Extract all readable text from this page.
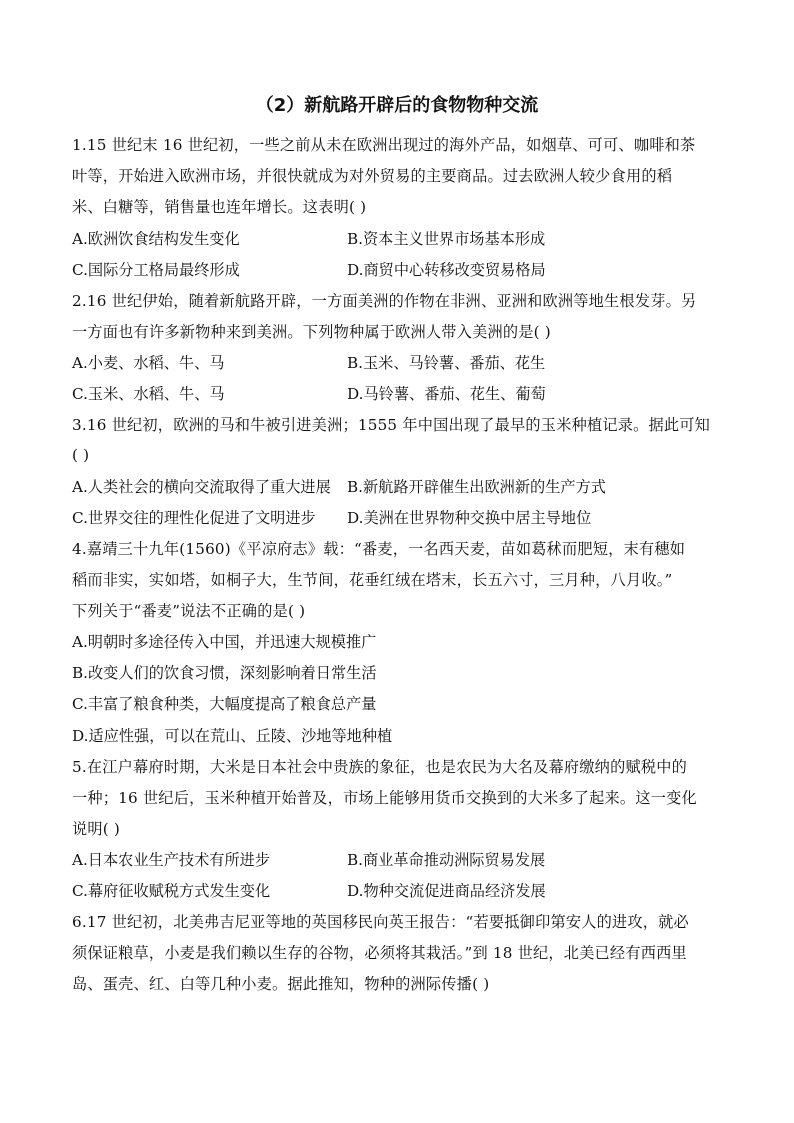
（2）新航路开辟后的食物物种交流
1.15 世纪末 16 世纪初，一些之前从未在欧洲出现过的海外产品，如烟草、可可、咖啡和茶
叶等，开始进入欧洲市场，并很快就成为对外贸易的主要商品。过去欧洲人较少食用的稻
米、白糖等，销售量也连年增长。这表明( )
A.欧洲饮食结构发生变化	B.资本主义世界市场基本形成
C.国际分工格局最终形成	D.商贸中心转移改变贸易格局
2.16 世纪伊始，随着新航路开辟，一方面美洲的作物在非洲、亚洲和欧洲等地生根发芽。另
一方面也有许多新物种来到美洲。下列物种属于欧洲人带入美洲的是( )
A.小麦、水稻、牛、马	B.玉米、马铃薯、番茄、花生
C.玉米、水稻、牛、马	D.马铃薯、番茄、花生、葡萄
3.16 世纪初，欧洲的马和牛被引进美洲；1555 年中国出现了最早的玉米种植记录。据此可知
( )
A.人类社会的横向交流取得了重大进展 B.新航路开辟催生出欧洲新的生产方式
C.世界交往的理性化促进了文明进步 D.美洲在世界物种交换中居主导地位
4.嘉靖三十九年(1560)《平凉府志》载：“番麦，一名西天麦，苗如葛秫而肥短，末有穗如
稻而非实，实如塔，如桐子大，生节间，花垂红绒在塔末，长五六寸，三月种，八月收。”
下列关于“番麦”说法不正确的是( )
A.明朝时多途径传入中国，并迅速大规模推广
B.改变人们的饮食习惯，深刻影响着日常生活
C.丰富了粮食种类，大幅度提高了粮食总产量
D.适应性强，可以在荒山、丘陵、沙地等地种植
5.在江户幕府时期，大米是日本社会中贵族的象征，也是农民为大名及幕府缴纳的赋税中的
一种；16 世纪后，玉米种植开始普及，市场上能够用货币交换到的大米多了起来。这一变化
说明( )
A.日本农业生产技术有所进步	B.商业革命推动洲际贸易发展
C.幕府征收赋税方式发生变化	D.物种交流促进商品经济发展
6.17 世纪初，北美弗吉尼亚等地的英国移民向英王报告：“若要抵御印第安人的进攻，就必
须保证粮草，小麦是我们赖以生存的谷物，必须将其栽活。”到 18 世纪，北美已经有西西里
岛、蛋壳、红、白等几种小麦。据此推知，物种的洲际传播( )
